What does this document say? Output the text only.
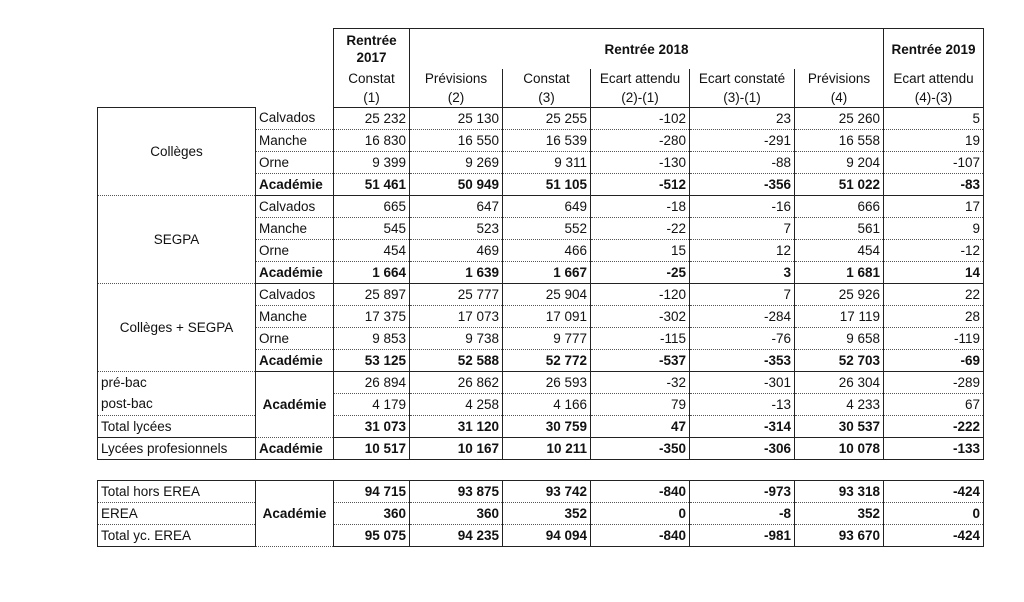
		Rentrée 2017	Rentrée 2018					Rentrée 2019
		Constat	Prévisions	Constat	Ecart attendu	Ecart constaté	Prévisions	Ecart attendu
		(1)	(2)	(3)	(2)-(1)	(3)-(1)	(4)	(4)-(3)
Collèges	Calvados	25 232	25 130	25 255	-102	23	25 260	5
	Manche	16 830	16 550	16 539	-280	-291	16 558	19
	Orne	9 399	9 269	9 311	-130	-88	9 204	-107
	Académie	51 461	50 949	51 105	-512	-356	51 022	-83
SEGPA	Calvados	665	647	649	-18	-16	666	17
	Manche	545	523	552	-22	7	561	9
	Orne	454	469	466	15	12	454	-12
	Académie	1 664	1 639	1 667	-25	3	1 681	14
Collèges + SEGPA	Calvados	25 897	25 777	25 904	-120	7	25 926	22
	Manche	17 375	17 073	17 091	-302	-284	17 119	28
	Orne	9 853	9 738	9 777	-115	-76	9 658	-119
	Académie	53 125	52 588	52 772	-537	-353	52 703	-69
pré-bac	Académie	26 894	26 862	26 593	-32	-301	26 304	-289
post-bac		4 179	4 258	4 166	79	-13	4 233	67
Total lycées		31 073	31 120	30 759	47	-314	30 537	-222
Lycées profesionnels	Académie	10 517	10 167	10 211	-350	-306	10 078	-133

Total hors EREA	Académie	94 715	93 875	93 742	-840	-973	93 318	-424
EREA		360	360	352	0	-8	352	0
Total yc. EREA		95 075	94 235	94 094	-840	-981	93 670	-424
